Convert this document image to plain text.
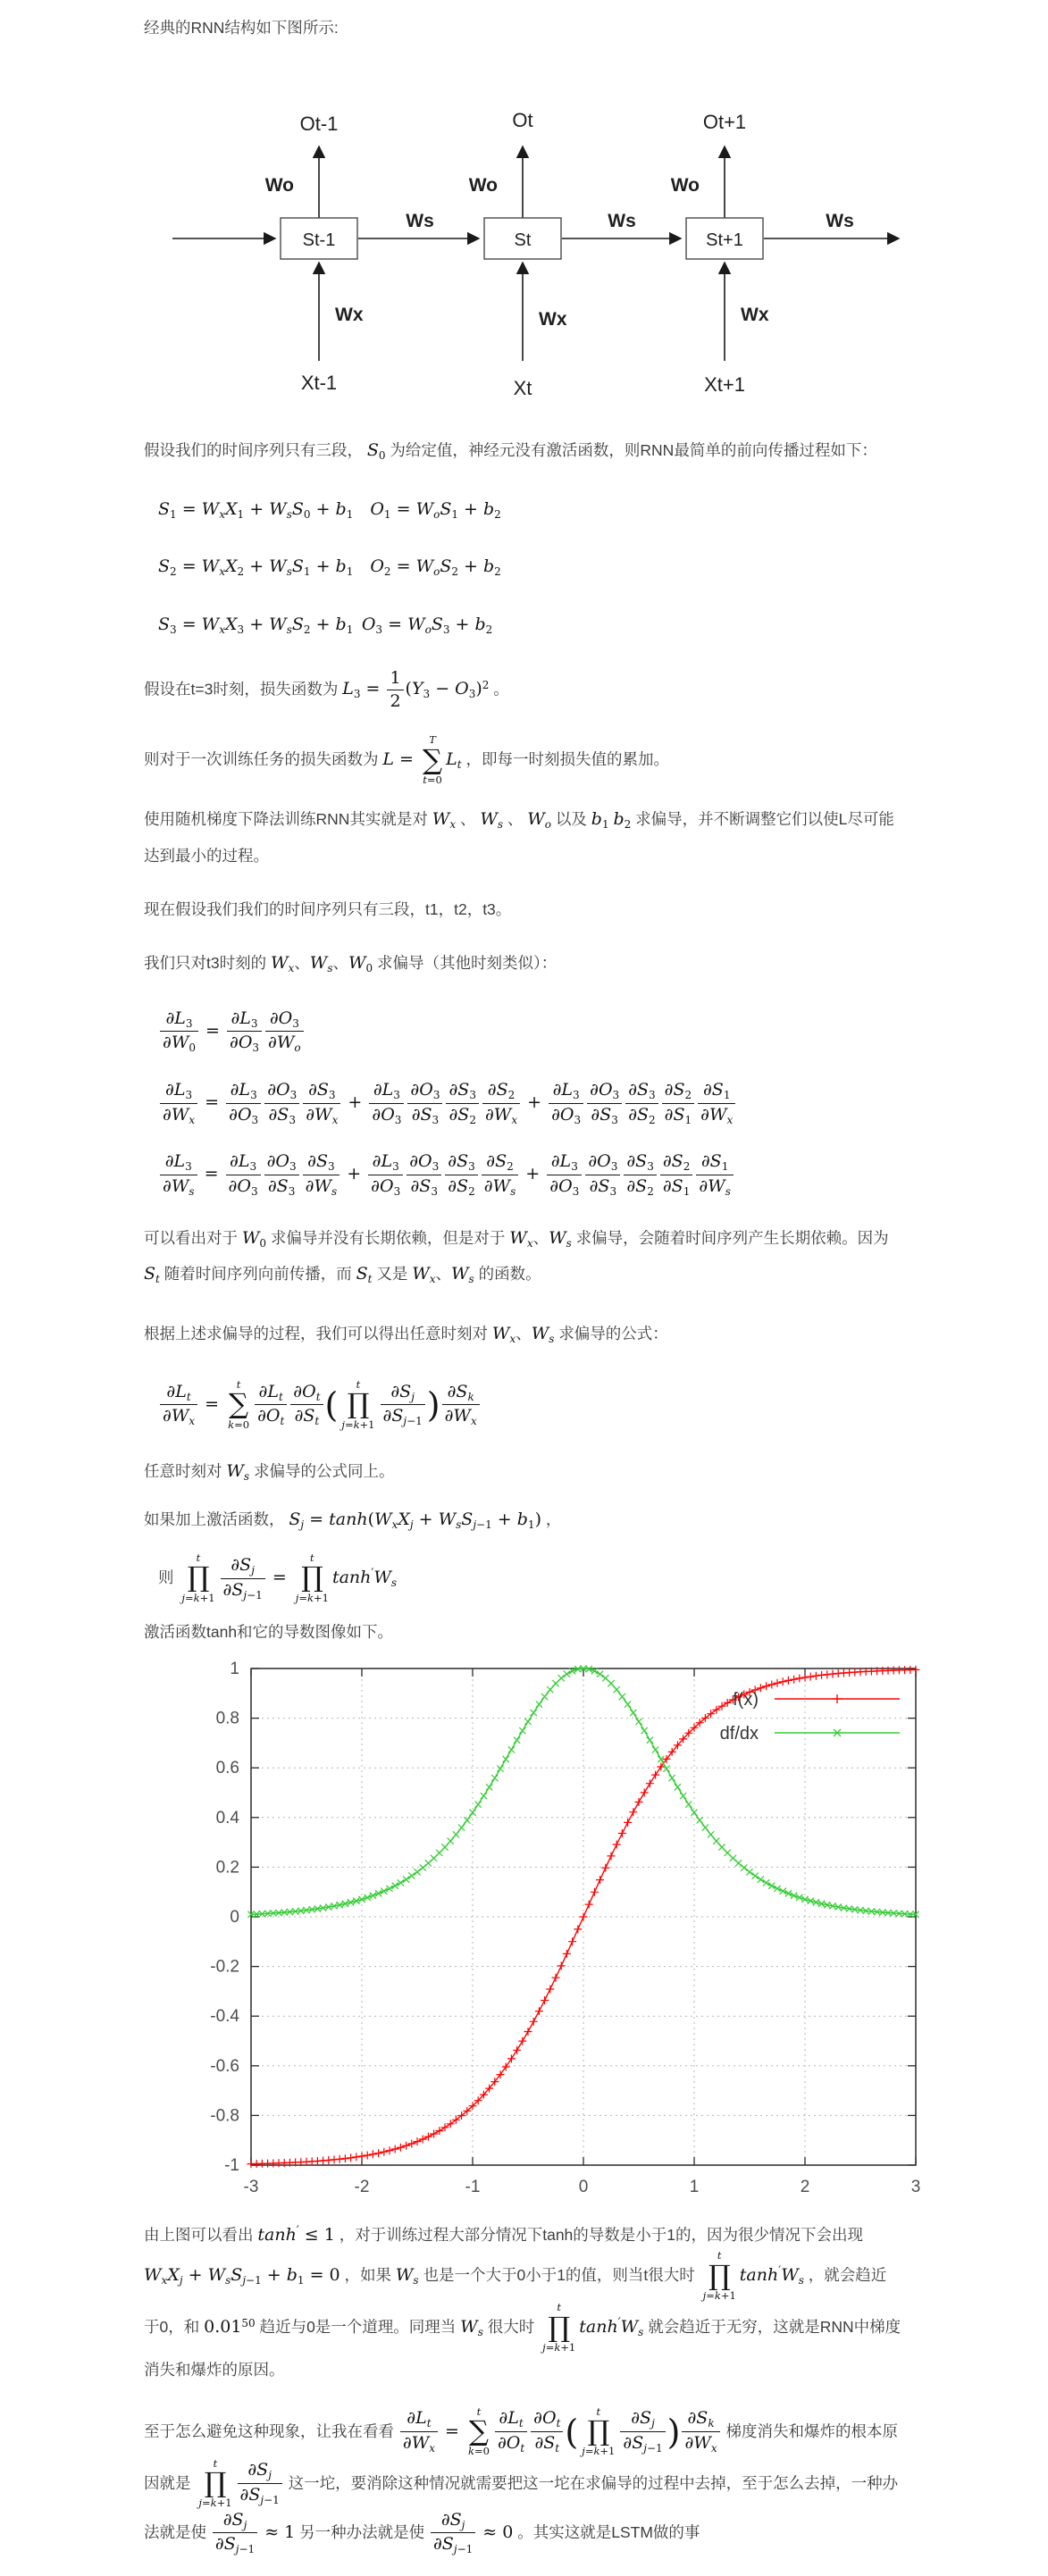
经典的RNN结构如下图所示:
Ws	Ws	Ws
St-1
Ot-1
Wo
Wx
Xt-1
St
Ot
Wo
Wx
Xt
St+1
Ot+1
Wo
Wx
Xt+1
假设我们的时间序列只有三段， $S_0$ 为给定值，神经元没有激活函数，则RNN最简单的前向传播过程如下：
$S_1 = W_xX_1 + W_sS_0 + b_1$  $O_1 = W_oS_1 + b_2$
$S_2 = W_xX_2 + W_sS_1 + b_1$  $O_2 = W_oS_2 + b_2$
$S_3 = W_xX_3 + W_sS_2 + b_1$  $O_3 = W_oS_3 + b_2$
假设在t=3时刻，损失函数为 $L_3 = \frac{1}{2} (Y_3 - O_3)^2$ 。
则对于一次训练任务的损失函数为 L =
T
∑
t=0
$L_t$ ，即每一时刻损失值的累加。
使用随机梯度下降法训练RNN其实就是对 $W_x$ 、 $W_s$ 、 $W_o$ 以及 $b_1$ $b_2$ 求偏导，并不断调整它们以使L尽可能达到最小的过程。
现在假设我们我们的时间序列只有三段，t1，t2，t3。
我们只对t3时刻的 $W_x$、$W_s$、$W_0$ 求偏导（其他时刻类似）：
$\frac{\partial L_3}{\partial W_0} = \frac{\partial L_3}{\partial O_3} \frac{\partial O_3}{\partial W_o}$
$\frac{\partial L_3}{\partial W_x} = \frac{\partial L_3}{\partial O_3} \frac{\partial O_3}{\partial S_3} \frac{\partial S_3}{\partial W_x} + \frac{\partial L_3}{\partial O_3} \frac{\partial O_3}{\partial S_3} \frac{\partial S_3}{\partial S_2} \frac{\partial S_2}{\partial W_x} + \frac{\partial L_3}{\partial O_3} \frac{\partial O_3}{\partial S_3} \frac{\partial S_3}{\partial S_2} \frac{\partial S_2}{\partial S_1} \frac{\partial S_1}{\partial W_x}$
$\frac{\partial L_3}{\partial W_s} = \frac{\partial L_3}{\partial O_3} \frac{\partial O_3}{\partial S_3} \frac{\partial S_3}{\partial W_s} + \frac{\partial L_3}{\partial O_3} \frac{\partial O_3}{\partial S_3} \frac{\partial S_3}{\partial S_2} \frac{\partial S_2}{\partial W_s} + \frac{\partial L_3}{\partial O_3} \frac{\partial O_3}{\partial S_3} \frac{\partial S_3}{\partial S_2} \frac{\partial S_2}{\partial S_1} \frac{\partial S_1}{\partial W_s}$
可以看出对于 $W_0$ 求偏导并没有长期依赖，但是对于 $W_x$、$W_s$ 求偏导，会随着时间序列产生长期依赖。因为 $S_t$ 随着时间序列向前传播，而 $S_t$ 又是 $W_x$、$W_s$ 的函数。
根据上述求偏导的过程，我们可以得出任意时刻对 $W_x$、$W_s$ 求偏导的公式：
$\frac{\partial L_t}{\partial W_x}$ =
t
∑
$k=0 \frac{\partial L_t}{\partial O_t} \frac{\partial O_t}{\partial S_t}$ (
t
∏
$j=k+1 \frac{\partial S_j}{\partial S_{j-1}}$ ) $\frac{\partial S_k}{\partial W_x}$
任意时刻对 $W_s$ 求偏导的公式同上。
如果加上激活函数， $S_j = \tanh(W_xX_j + W_sS_{j-1} + b_1)$ ，
则
t
∏
$j=k+1 \frac{\partial S_j}{\partial S_{j-1}}$ =
t
∏
j=k+1
$\tanh'W_s$
激活函数tanh和它的导数图像如下。
1
0.8
0.6
0.4
0.2
0
-0.2
-0.4
-0.6
-0.8
-1
-3	-2	-1	0	1	2	3
f(x)
df/dx
由上图可以看出 tanh′ ≤ 1 ，对于训练过程大部分情况下tanh的导数是小于1的，因为很少情况下会出现 $W_xX_j + W_sS_{j-1} + b_1 = 0$ ，如果 $W_s$ 也是一个大于0小于1的值，则当t很大时
t
∏
j=k+1
$\tanh'W_s$ ，就会趋近于0，和 0.01$^{50}$ 趋近与0是一个道理。同理当 $W_s$ 很大时
t
∏
j=k+1
$\tanh'W_s$ 就会趋近于无穷，这就是RNN中梯度消失和爆炸的原因。
至于怎么避免这种现象，让我在看看 $\frac{\partial L_t}{\partial W_x}$ =
t
∑
$k=0 \frac{\partial L_t}{\partial O_t} \frac{\partial O_t}{\partial S_t}$ (
t
∏
$j=k+1 \frac{\partial S_j}{\partial S_{j-1}}$ ) $\frac{\partial S_k}{\partial W_x}$ 梯度消失和爆炸的根本原因就是
t
∏
$j=k+1 \frac{\partial S_j}{\partial S_{j-1}}$ 这一坨，要消除这种情况就需要把这一坨在求偏导的过程中去掉，至于怎么去掉，一种办法就是使 $\frac{\partial S_j}{\partial S_{j-1}} \approx 1$ 另一种办法就是使 $\frac{\partial S_j}{\partial S_{j-1}} \approx 0$ 。其实这就是LSTM做的事
